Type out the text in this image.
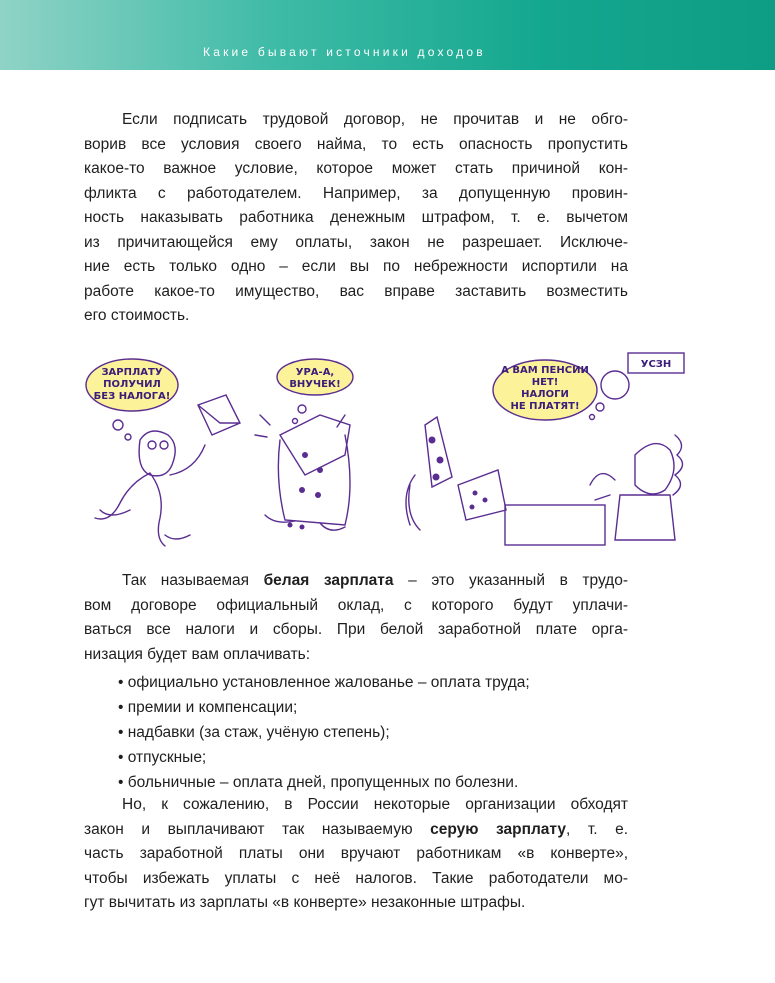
Какие бывают источники доходов
Если подписать трудовой договор, не прочитав и не обго-
ворив все условия своего найма, то есть опасность пропустить
какое-то важное условие, которое может стать причиной кон-
фликта с работодателем. Например, за допущенную провин-
ность наказывать работника денежным штрафом, т. е. вычетом
из причитающейся ему оплаты, закон не разрешает. Исключе-
ние есть только одно – если вы по небрежности испортили на
работе какое-то имущество, вас вправе заставить возместить
его стоимость.
ЗАРПЛАТУ
ПОЛУЧИЛ
БЕЗ НАЛОГА!
УРА-А,
ВНУЧЕК!
А ВАМ ПЕНСИИ
НЕТ!
НАЛОГИ
НЕ ПЛАТЯТ!
УСЗН
Так называемая белая зарплата – это указанный в трудо-
вом договоре официальный оклад, с которого будут уплачи-
ваться все налоги и сборы. При белой заработной плате орга-
низация будет вам оплачивать:
• официально установленное жалованье – оплата труда;
• премии и компенсации;
• надбавки (за стаж, учёную степень);
• отпускные;
• больничные – оплата дней, пропущенных по болезни.
Но, к сожалению, в России некоторые организации обходят
закон и выплачивают так называемую серую зарплату, т. е.
часть заработной платы они вручают работникам «в конверте»,
чтобы избежать уплаты с неё налогов. Такие работодатели мо-
гут вычитать из зарплаты «в конверте» незаконные штрафы.
